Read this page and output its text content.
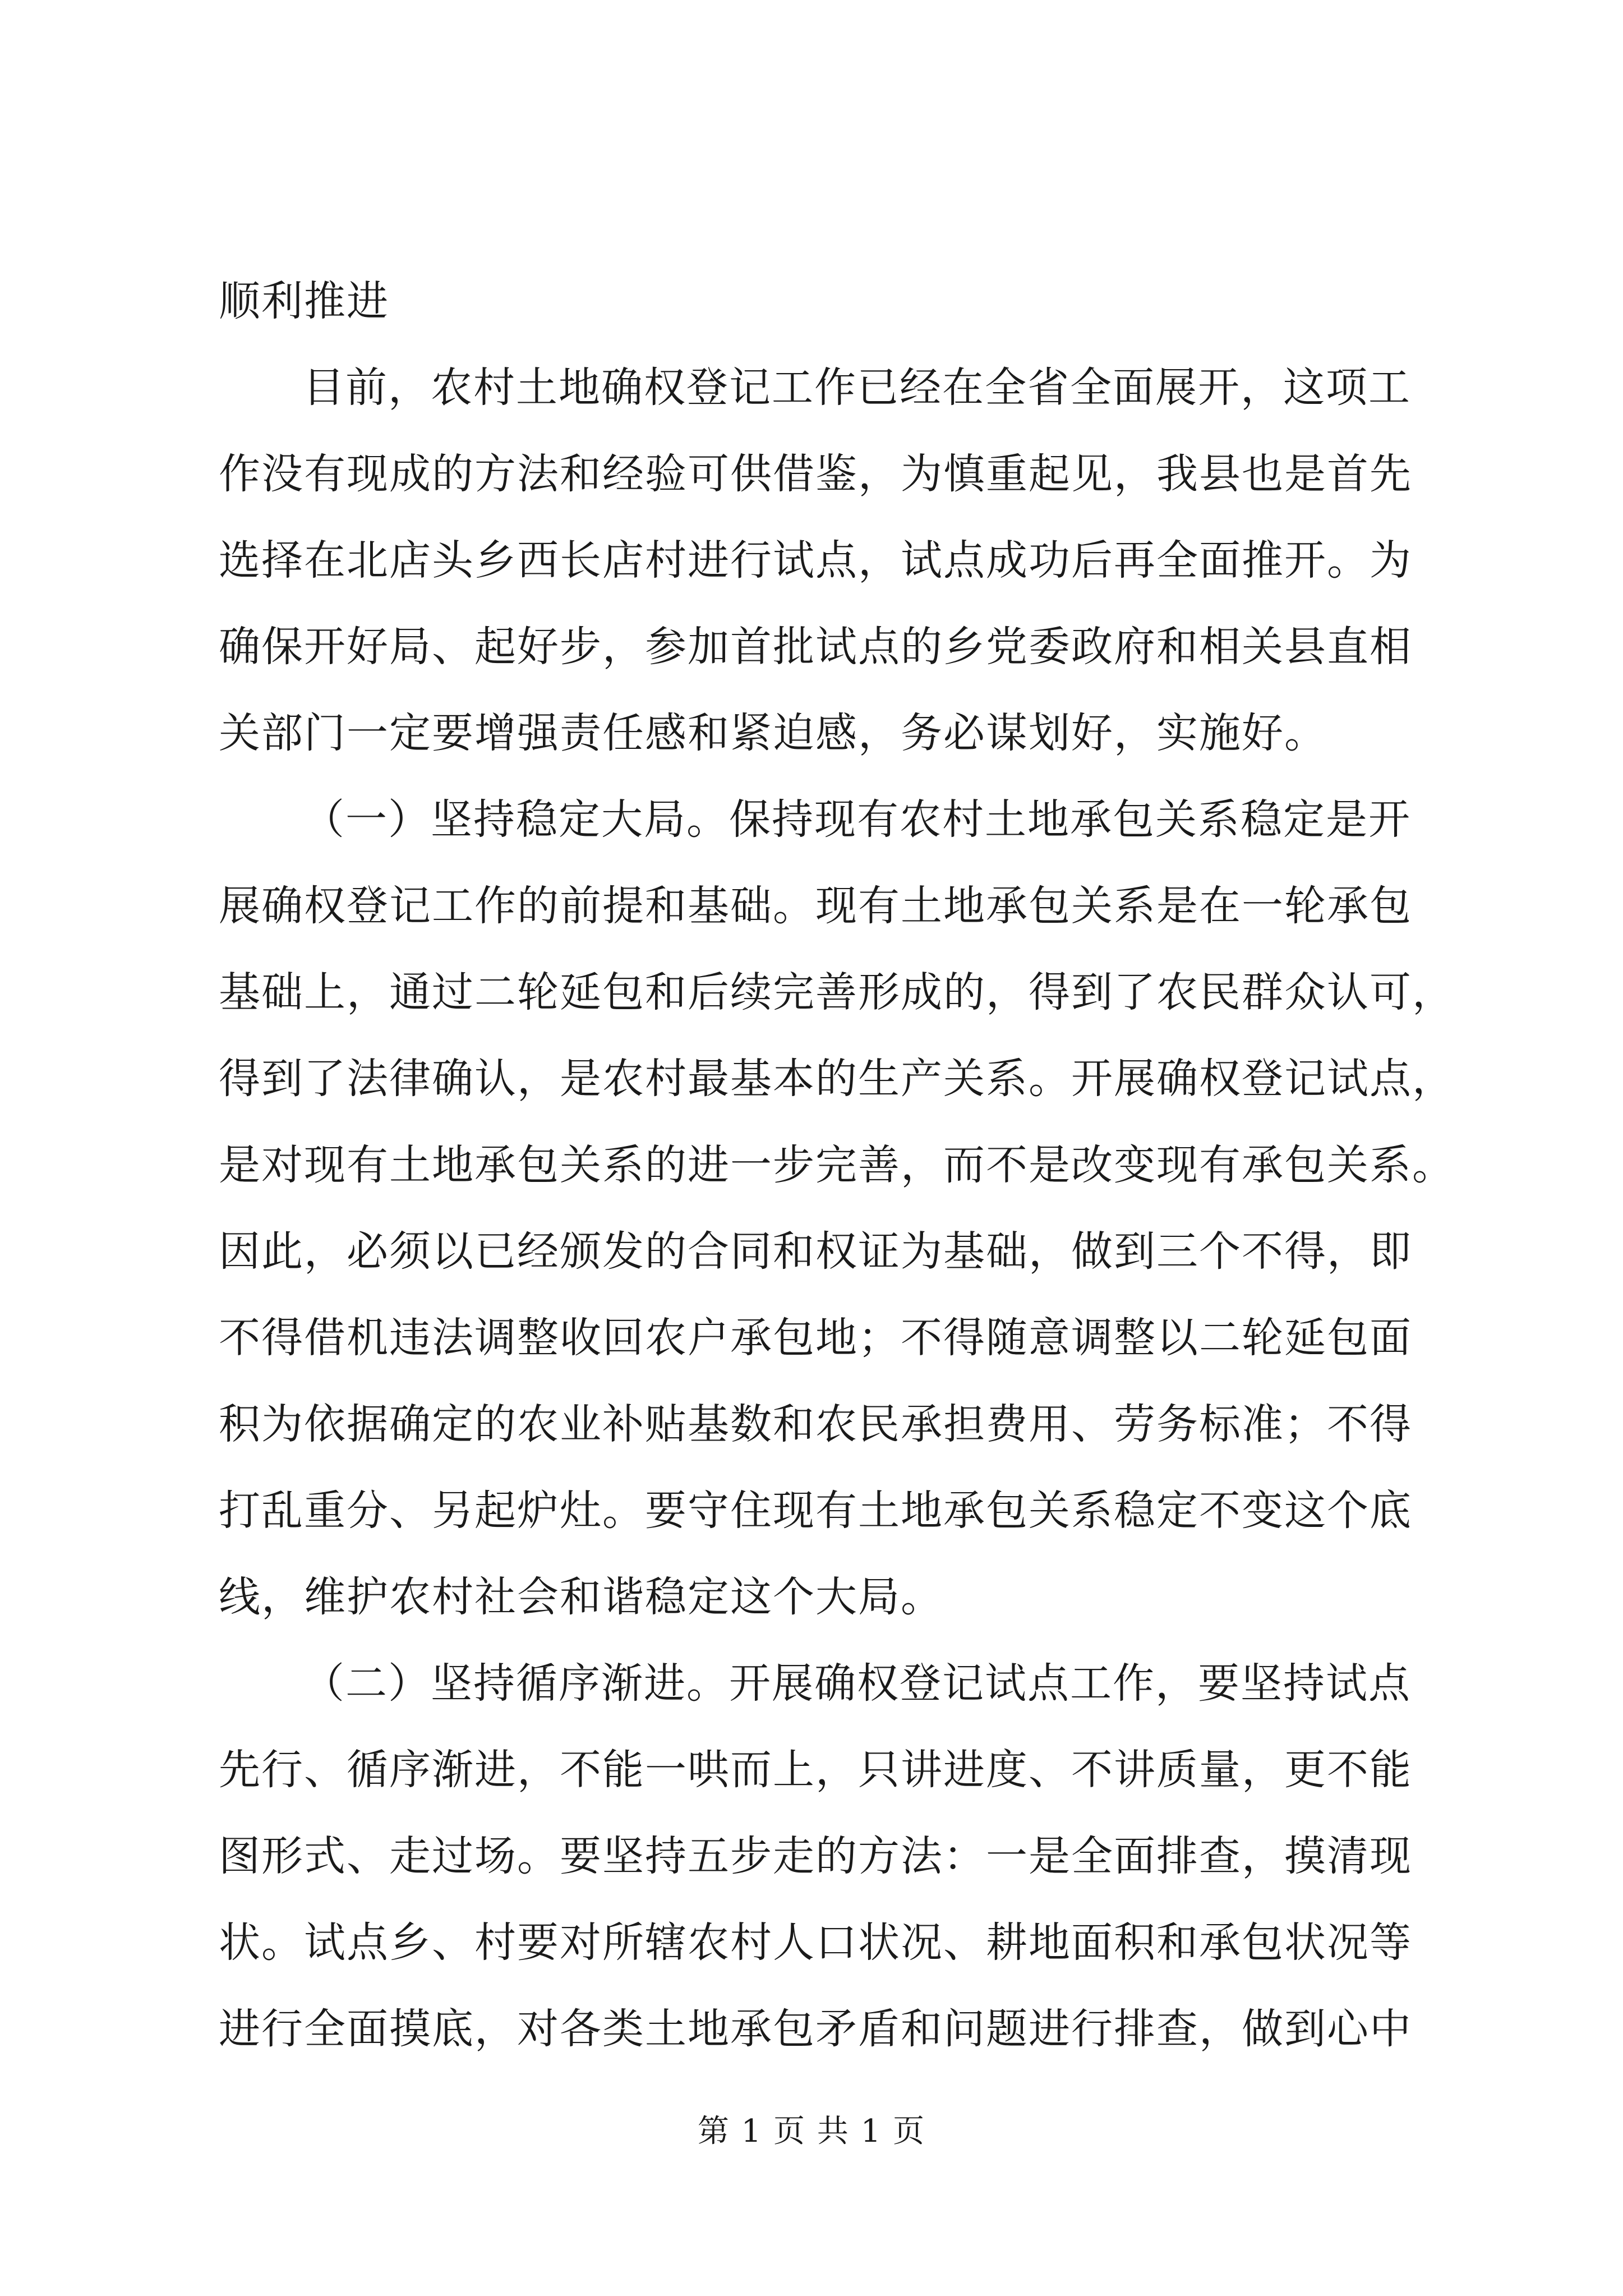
顺利推进
目前，农村土地确权登记工作已经在全省全面展开，这项工
作没有现成的方法和经验可供借鉴，为慎重起见，我县也是首先
选择在北店头乡西长店村进行试点，试点成功后再全面推开。为
确保开好局、起好步，参加首批试点的乡党委政府和相关县直相
关部门一定要增强责任感和紧迫感，务必谋划好，实施好。
（一）坚持稳定大局。保持现有农村土地承包关系稳定是开
展确权登记工作的前提和基础。现有土地承包关系是在一轮承包
基础上，通过二轮延包和后续完善形成的，得到了农民群众认可，
得到了法律确认，是农村最基本的生产关系。开展确权登记试点，
是对现有土地承包关系的进一步完善，而不是改变现有承包关系。
因此，必须以已经颁发的合同和权证为基础，做到三个不得，即
不得借机违法调整收回农户承包地；不得随意调整以二轮延包面
积为依据确定的农业补贴基数和农民承担费用、劳务标准；不得
打乱重分、另起炉灶。要守住现有土地承包关系稳定不变这个底
线，维护农村社会和谐稳定这个大局。
（二）坚持循序渐进。开展确权登记试点工作，要坚持试点
先行、循序渐进，不能一哄而上，只讲进度、不讲质量，更不能
图形式、走过场。要坚持五步走的方法：一是全面排查，摸清现
状。试点乡、村要对所辖农村人口状况、耕地面积和承包状况等
进行全面摸底，对各类土地承包矛盾和问题进行排查，做到心中
第 1 页 共 1 页
